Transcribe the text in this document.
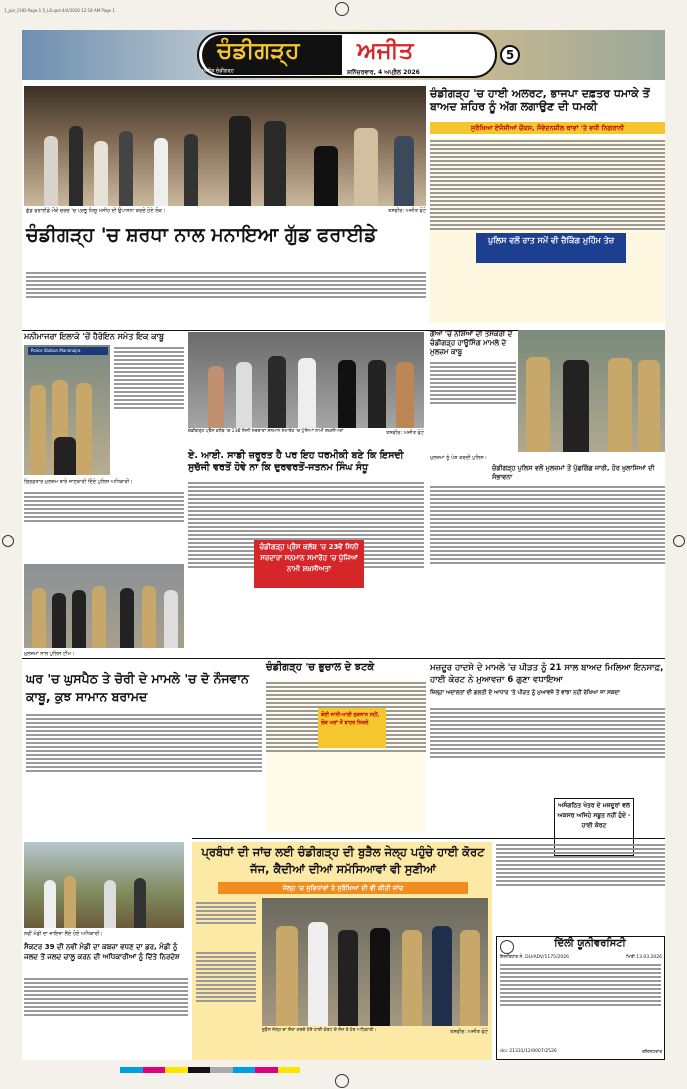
1_par_CHD-Page-1-5_L8.qxd 4/4/2026 12:18 AM Page 1
ਚੰਡੀਗੜ੍ਹ ਅਜੀਤ
ਅਜੀਤ ਚੰਡੀਗੜ੍ਹ	ਸ਼ਨਿੱਚਰਵਾਰ, 4 ਅਪ੍ਰੈਲ 2026
5
ਗੁੱਡ ਫਰਾਈਡੇ ਮੌਕੇ ਚਰਚ 'ਚ ਪ੍ਰਭੂ ਯਿਸੂ ਮਸੀਹ ਦੀ ਉਪਾਸਨਾ ਕਰਦੇ ਹੋਏ ਲੋਕ।	ਤਸਵੀਰ: ਅਜੀਤ ਫੋਟੋ
ਚੰਡੀਗੜ੍ਹ 'ਚ ਸ਼ਰਧਾ ਨਾਲ ਮਨਾਇਆ ਗੁੱਡ ਫਰਾਈਡੇ
ਚੰਡੀਗੜ੍ਹ 'ਚ ਹਾਈ ਅਲਰਟ, ਭਾਜਪਾ ਦਫ਼ਤਰ ਧਮਾਕੇ ਤੋਂ ਬਾਅਦ ਸ਼ਹਿਰ ਨੂੰ ਅੱਗ ਲਗਾਉਣ ਦੀ ਧਮਕੀ
ਸੁਰੱਖਿਆ ਏਜੰਸੀਆਂ ਚੌਕਸ, ਸੰਵੇਦਨਸ਼ੀਲ ਥਾਵਾਂ 'ਤੇ ਵਧੀ ਨਿਗਰਾਨੀ
ਪੁਲਿਸ ਵਲੋਂ ਰਾਤ ਸਮੇਂ ਵੀ ਚੈਕਿੰਗ ਮੁਹਿੰਮ ਤੇਜ਼
ਮਨੀਮਾਜਰਾ ਇਲਾਕੇ 'ਚੋਂ ਹੈਰੋਇਨ ਸਮੇਤ ਇਕ ਕਾਬੂ
Police Station Manimajra
ਗ੍ਰਿਫ਼ਤਾਰ ਮੁਲਜ਼ਮ ਬਾਰੇ ਜਾਣਕਾਰੀ ਦਿੰਦੇ ਪੁਲਿਸ ਅਧਿਕਾਰੀ।
ਮੁਲਜ਼ਮਾਂ ਨਾਲ ਪੁਲਿਸ ਟੀਮ।
ਚੰਡੀਗੜ੍ਹ ਪ੍ਰੈੱਸ ਕਲੱਬ 'ਚ 23ਵੇਂ ਸਿਨੀ ਸਰਦਾਰਾ ਸਨਮਾਨ ਸਮਾਰੋਹ 'ਚ ਪੁੱਜਿਆਂ ਨਾਮੀ ਸ਼ਖ਼ਸੀਅਤਾਂ	ਤਸਵੀਰ: ਅਜੀਤ ਫੋਟੋ
ਏ. ਆਈ. ਸਾਡੀ ਜ਼ਰੂਰਤ ਹੈ ਪਰ ਇਹ ਧਰਮੀਕੀ ਬਣੇ ਕਿ ਇਸਦੀ ਸੁਚੱਜੀ ਵਰਤੋਂ ਹੋਵੇ ਨਾ ਕਿ ਦੁਰਵਰਤੋਂ-ਜਤਨਮ ਸਿੰਘ ਸੰਧੂ
ਚੰਡੀਗੜ੍ਹ ਪ੍ਰੈੱਸ ਕਲੱਬ 'ਚ 23ਵੇਂ ਸਿਨੀ ਸਰਦਾਰਾ ਸਨਮਾਨ ਸਮਾਰੋਹ 'ਚ ਪੁੱਜਿਆਂ ਨਾਮੀ ਸ਼ਖ਼ਸੀਅਤਾਂ
ਗੋਆ 'ਚ ਨਸ਼ਿਆਂ ਦੀ ਤਸਕਰੀ ਦੇ ਚੰਡੀਗੜ੍ਹ ਹਾਊਸਿੰਗ ਮਾਮਲੇ ਦੇ ਮੁਲਜ਼ਮ ਕਾਬੂ
ਮੁਲਜ਼ਮਾਂ ਨੂੰ ਪੇਸ਼ ਕਰਦੀ ਪੁਲਿਸ।
ਚੰਡੀਗੜ੍ਹ ਪੁਲਿਸ ਵਲੋਂ ਮੁਲਜ਼ਮਾਂ ਤੋਂ ਪੁੱਛਗਿੱਛ ਜਾਰੀ, ਹੋਰ ਖੁਲਾਸਿਆਂ ਦੀ ਸੰਭਾਵਨਾ
ਘਰ 'ਚ ਘੁਸਪੈਠ ਤੇ ਚੋਰੀ ਦੇ ਮਾਮਲੇ 'ਚ ਦੋ ਨੌਜਵਾਨ ਕਾਬੂ, ਕੁਝ ਸਾਮਾਨ ਬਰਾਮਦ
ਚੰਡੀਗੜ੍ਹ 'ਚ ਭੁਚਾਲ ਦੇ ਝਟਕੇ
ਕੋਈ ਜਾਨੀ-ਮਾਲੀ ਨੁਕਸਾਨ ਨਹੀਂ, ਲੋਕ ਘਰਾਂ ਤੋਂ ਬਾਹਰ ਨਿਕਲੇ
ਮਜ਼ਦੂਰ ਹਾਦਸੇ ਦੇ ਮਾਮਲੇ 'ਚ ਪੀੜਤ ਨੂੰ 21 ਸਾਲ ਬਾਅਦ ਮਿਲਿਆ ਇਨਸਾਫ਼, ਹਾਈ ਕੋਰਟ ਨੇ ਮੁਆਵਜ਼ਾ 6 ਗੁਣਾ ਵਧਾਇਆ
ਜ਼ਿਲ੍ਹਾ ਅਦਾਲਤਾਂ ਦੀ ਗਲਤੀ ਦੇ ਆਧਾਰ 'ਤੇ ਪੀੜਤ ਨੂੰ ਮੁਆਵਜ਼ੇ ਤੋਂ ਵਾਂਝਾ ਨਹੀਂ ਰੱਖਿਆ ਜਾ ਸਕਦਾ
ਅਸੰਗਠਿਤ ਖੇਤਰ ਦੇ ਮਜ਼ਦੂਰਾਂ ਵਲ ਅਕਸਰ ਅਜਿਹੇ ਸਬੂਤ ਨਹੀਂ ਹੁੰਦੇ - ਹਾਈ ਕੋਰਟ
ਨਵੀਂ ਮੰਡੀ ਦਾ ਜਾਇਜ਼ਾ ਲੈਂਦੇ ਹੋਏ ਅਧਿਕਾਰੀ।
ਸੈਕਟਰ 39 ਦੀ ਨਵੀਂ ਮੰਡੀ ਦਾ ਕਬਜ਼ਾ ਵਧਣ ਦਾ ਡਰ, ਮੰਡੀ ਨੂੰ ਜਲਦ ਤੋਂ ਜਲਦ ਚਾਲੂ ਕਰਨ ਦੀ ਅਧਿਕਾਰੀਆਂ ਨੂੰ ਦਿੱਤੇ ਨਿਰਦੇਸ਼
ਪ੍ਰਬੰਧਾਂ ਦੀ ਜਾਂਚ ਲਈ ਚੰਡੀਗੜ੍ਹ ਦੀ ਬੁੜੈਲ ਜੇਲ੍ਹ ਪਹੁੰਚੇ ਹਾਈ ਕੋਰਟ ਜੱਜ, ਕੈਦੀਆਂ ਦੀਆਂ ਸਮੱਸਿਆਵਾਂ ਵੀ ਸੁਣੀਆਂ
ਜੇਲ੍ਹ 'ਚ ਸੁਵਿਧਾਵਾਂ ਤੇ ਸੁਰੱਖਿਆ ਦੀ ਵੀ ਕੀਤੀ ਜਾਂਚ
ਬੁੜੈਲ ਜੇਲ੍ਹ ਦਾ ਦੌਰਾ ਕਰਦੇ ਹੋਏ ਹਾਈ ਕੋਰਟ ਦੇ ਜੱਜ ਤੇ ਹੋਰ ਅਧਿਕਾਰੀ।	ਤਸਵੀਰ: ਅਜੀਤ ਫੋਟੋ
ਦਿੱਲੀ ਯੂਨੀਵਰਸਿਟੀ
ਇਸ਼ਤਿਹਾਰ ਨੰ. DU/ADV/1175/2026	ਮਿਤੀ 13.03.2026
dcc 21331/12/0007/2526	ਰਜਿਸਟਰਾਰ
